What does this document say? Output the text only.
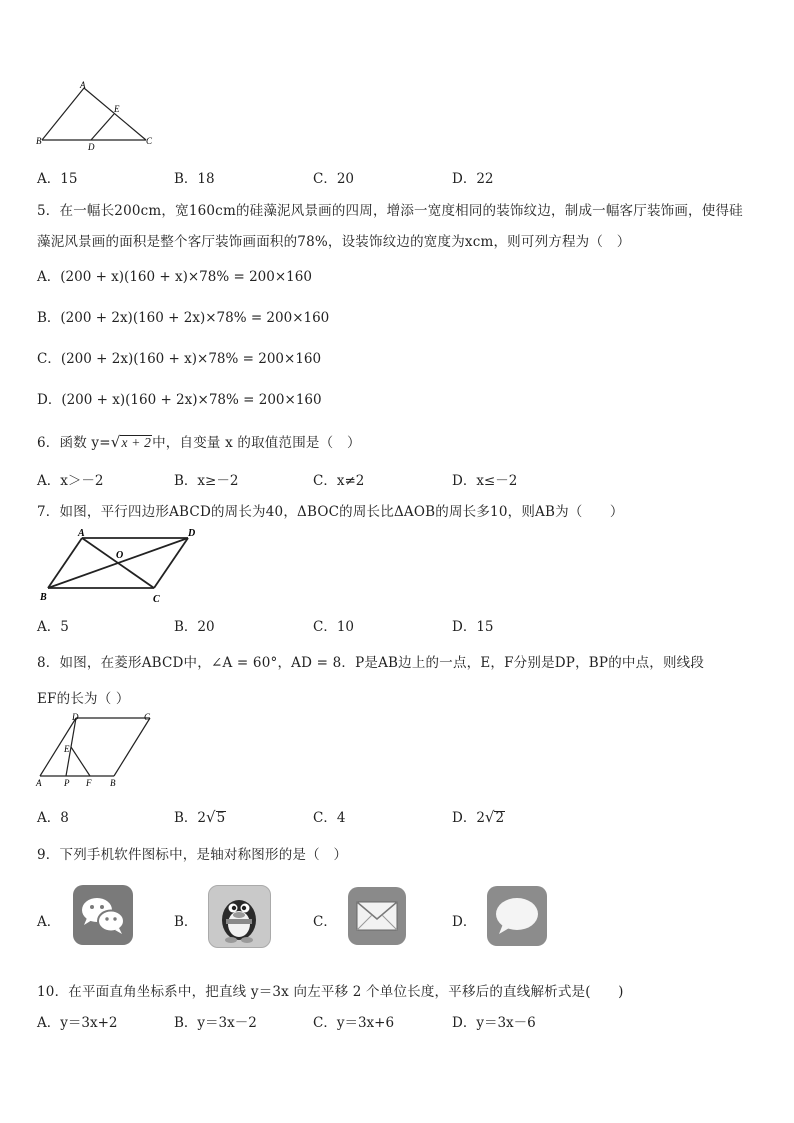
A
E
B
D
C
A．15	B．18	C．20	D．22
5．在一幅长200cm，宽160cm的硅藻泥风景画的四周，增添一宽度相同的装饰纹边，制成一幅客厅装饰画，使得硅
藻泥风景画的面积是整个客厅装饰画面积的78%，设装饰纹边的宽度为xcm，则可列方程为（　）
A．(200 + x)(160 + x)×78% = 200×160
B．(200 + 2x)(160 + 2x)×78% = 200×160
C．(200 + 2x)(160 + x)×78% = 200×160
D．(200 + x)(160 + 2x)×78% = 200×160
6．函数 y=√x + 2中，自变量 x 的取值范围是（　）
A．x＞－2	B．x≥－2	C．x≠2	D．x≤－2
7．如图，平行四边形ABCD的周长为40，ΔBOC的周长比ΔAOB的周长多10，则AB为（　　）
A	D
O
B	C
A．5	B．20	C．10	D．15
8．如图，在菱形ABCD中，∠A = 60°，AD = 8．P是AB边上的一点，E，F分别是DP，BP的中点，则线段
EF的长为（ ）
D	C
E
A	P F B
A．8	B．2√5	C．4	D．2√2
9．下列手机软件图标中，是轴对称图形的是（　）
A．	B．	C．	D．
10．在平面直角坐标系中，把直线 y＝3x 向左平移 2 个单位长度，平移后的直线解析式是(　　)
A．y＝3x+2	B．y＝3x－2	C．y＝3x+6	D．y＝3x－6
